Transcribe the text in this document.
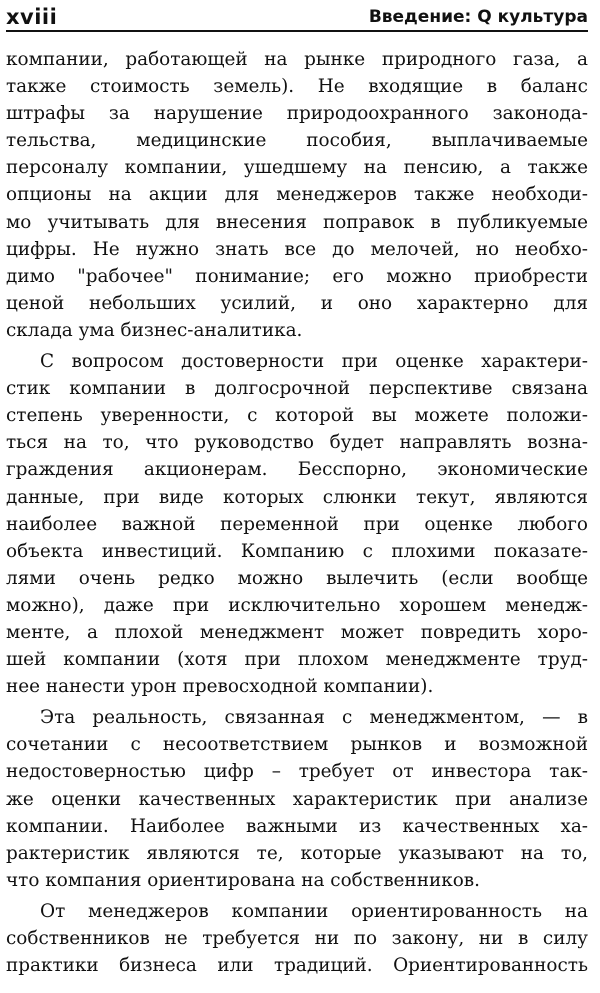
xviii	Введение: Q культура
компании, работающей на рынке природного газа, а
также стоимость земель). Не входящие в баланс
штрафы за нарушение природоохранного законода-
тельства, медицинские пособия, выплачиваемые
персоналу компании, ушедшему на пенсию, а также
опционы на акции для менеджеров также необходи-
мо учитывать для внесения поправок в публикуемые
цифры. Не нужно знать все до мелочей, но необхо-
димо "рабочее" понимание; его можно приобрести
ценой небольших усилий, и оно характерно для
склада ума бизнес-аналитика.
С вопросом достоверности при оценке характери-
стик компании в долгосрочной перспективе связана
степень уверенности, с которой вы можете положи-
ться на то, что руководство будет направлять возна-
граждения акционерам. Бесспорно, экономические
данные, при виде которых слюнки текут, являются
наиболее важной переменной при оценке любого
объекта инвестиций. Компанию с плохими показате-
лями очень редко можно вылечить (если вообще
можно), даже при исключительно хорошем менедж-
менте, а плохой менеджмент может повредить хоро-
шей компании (хотя при плохом менеджменте труд-
нее нанести урон превосходной компании).
Эта реальность, связанная с менеджментом, — в
сочетании с несоответствием рынков и возможной
недостоверностью цифр – требует от инвестора так-
же оценки качественных характеристик при анализе
компании. Наиболее важными из качественных ха-
рактеристик являются те, которые указывают на то,
что компания ориентирована на собственников.
От менеджеров компании ориентированность на
собственников не требуется ни по закону, ни в силу
практики бизнеса или традиций. Ориентированность
